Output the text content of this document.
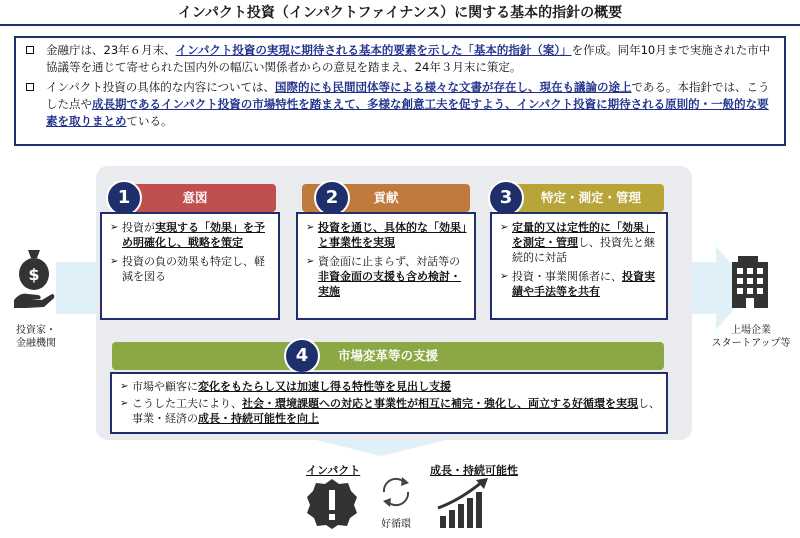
インパクト投資（インパクトファイナンス）に関する基本的指針の概要
金融庁は、23年６月末、インパクト投資の実現に期待される基本的要素を示した「基本的指針（案）」を作成。同年10月まで実施された市中協議等を通じて寄せられた国内外の幅広い関係者からの意見を踏まえ、24年３月末に策定。
インパクト投資の具体的な内容については、国際的にも民間団体等による様々な文書が存在し、現在も議論の途上である。本指針では、こうした点や成長期であるインパクト投資の市場特性を踏まえて、多様な創意工夫を促すよう、インパクト投資に期待される原則的・一般的な要素を取りまとめている。
$
投資家・
金融機関
上場企業
スタートアップ等
意図
1
➢ 投資が実現する「効果」を予め明確化し、戦略を策定
➢ 投資の負の効果も特定し、軽減を図る
貢献
2
➢ 投資を通じ、具体的な「効果」と事業性を実現
➢ 資金面に止まらず、対話等の非資金面の支援も含め検討・実施
特定・測定・管理
3
➢ 定量的又は定性的に「効果」を測定・管理し、投資先と継続的に対話
➢ 投資・事業関係者に、投資実績や手法等を共有
市場変革等の支援
4
➢ 市場や顧客に変化をもたらし又は加速し得る特性等を見出し支援
➢ こうした工夫により、社会・環境課題への対応と事業性が相互に補完・強化し、両立する好循環を実現し、事業・経済の成長・持続可能性を向上
インパクト
好循環
成長・持続可能性
